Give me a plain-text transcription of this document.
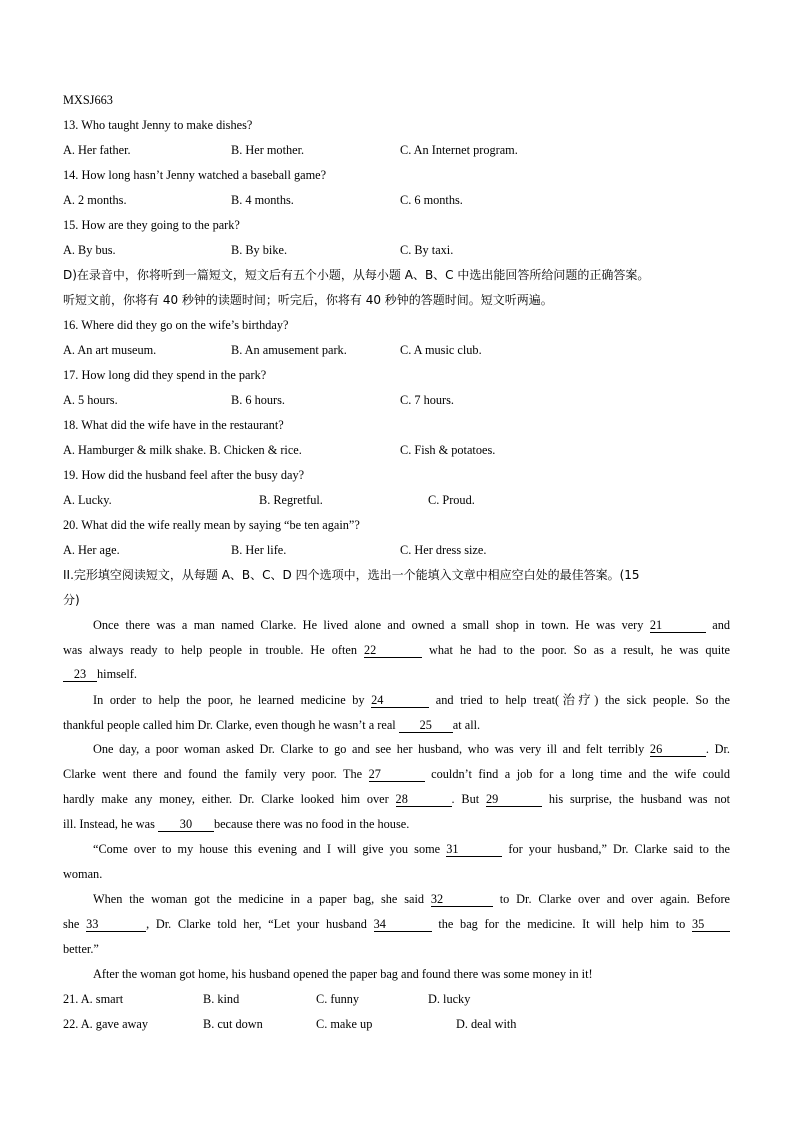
MXSJ663
13. Who taught Jenny to make dishes?
A. Her father.	B. Her mother.	C. An Internet program.
14. How long hasn’t Jenny watched a baseball game?
A. 2 months.	B. 4 months.	C. 6 months.
15. How are they going to the park?
A. By bus.	B. By bike.	C. By taxi.
D)在录音中，你将听到一篇短文，短文后有五个小题，从每小题 A、B、C 中选出能回答所给问题的正确答案。
听短文前，你将有 40 秒钟的读题时间；听完后，你将有 40 秒钟的答题时间。短文听两遍。
16. Where did they go on the wife’s birthday?
A. An art museum.	B. An amusement park.	C. A music club.
17. How long did they spend in the park?
A. 5 hours.	B. 6 hours.	C. 7 hours.
18. What did the wife have in the restaurant?
A. Hamburger & milk shake. B. Chicken & rice.	C. Fish & potatoes.
19. How did the husband feel after the busy day?
A. Lucky.	B. Regretful.	C. Proud.
20. What did the wife really mean by saying “be ten again”?
A. Her age.	B. Her life.	C. Her dress size.
II.完形填空阅读短文，从每题 A、B、C、D 四个选项中，选出一个能填入文章中相应空白处的最佳答案。(15
分)
Once there was a man named Clarke. He lived alone and owned a small shop in town. He was very 21	and
was always ready to help people in trouble. He often 22	what he had to the poor. So as a result, he was quite
23 himself.
In order to help the poor, he learned medicine by 24	and tried to help treat(治疗) the sick people. So the
thankful people called him Dr. Clarke, even though he wasn’t a real 25 at all.
One day, a poor woman asked Dr. Clarke to go and see her husband, who was very ill and felt terribly 26	. Dr.
Clarke went there and found the family very poor. The 27	couldn’t find a job for a long time and the wife could
hardly make any money, either. Dr. Clarke looked him over 28	. But 29	his surprise, the husband was not
ill. Instead, he was 30 because there was no food in the house.
“Come over to my house this evening and I will give you some 31	for your husband,” Dr. Clarke said to the
woman.
When the woman got the medicine in a paper bag, she said 32	to Dr. Clarke over and over again. Before
she 33	, Dr. Clarke told her, “Let your husband 34	the bag for the medicine. It will help him to 35
better.”
After the woman got home, his husband opened the paper bag and found there was some money in it!
21. A. smart	B. kind	C. funny	D. lucky
22. A. gave away	B. cut down	C. make up	D. deal with
